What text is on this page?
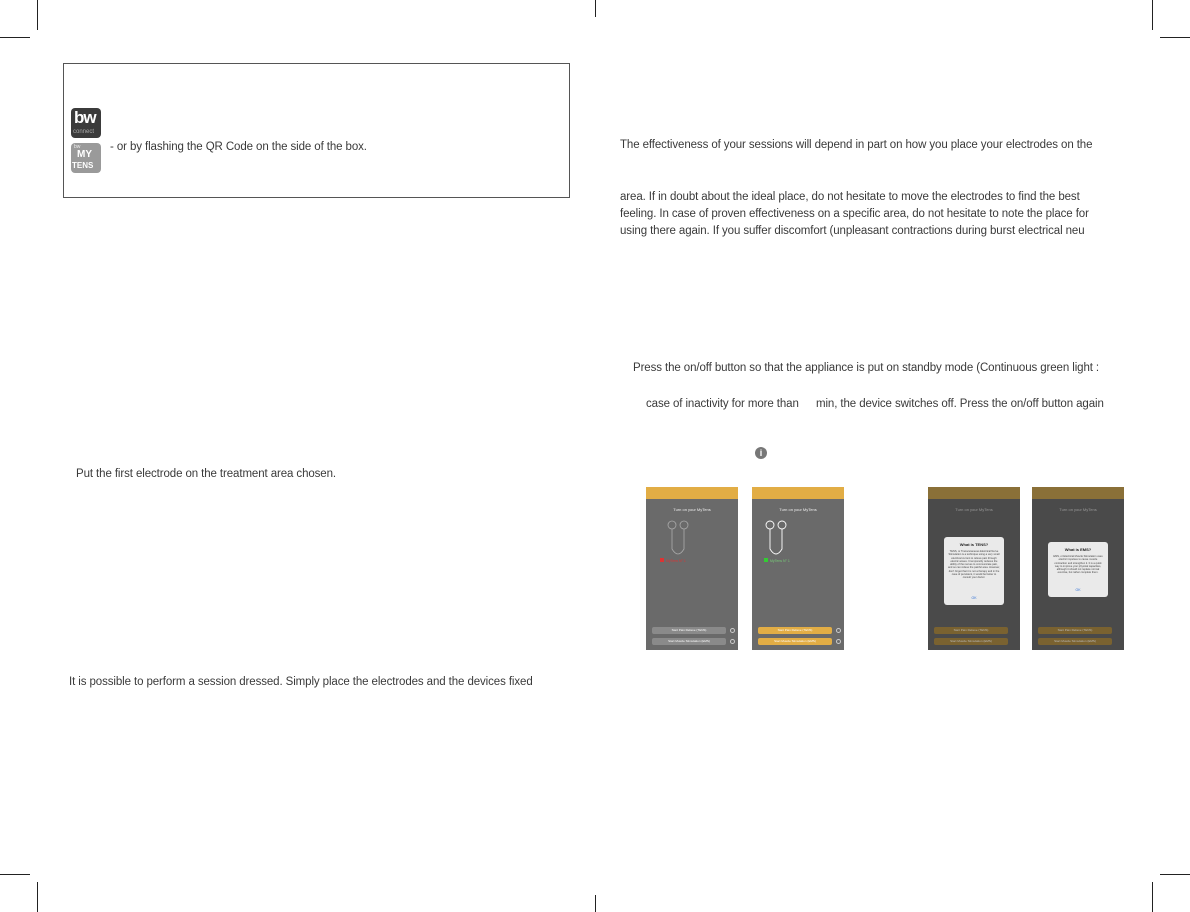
bw
connect
bw
MY
TENS
- or by flashing the QR Code on the side of the box.
Put the first electrode on the treatment area chosen.
It is possible to perform a session dressed. Simply place the electrodes and the devices fixed
The effectiveness of your sessions will depend in part on how you place your electrodes on the
area. If in doubt about the ideal place, do not hesitate to move the electrodes to find the best
feeling. In case of proven effectiveness on a specific area, do not hesitate to note the place for
using there again. If you suffer discomfort (unpleasant contractions during burst electrical neu
Press the on/off button so that the appliance is put on standby mode (Continuous green light :
case of inactivity for more than min, the device switches off. Press the on/off button again
i
Turn on your MyTens
MyTens N° 1
Start Pain Relieve (TENS)
Start Muscle Stimulation (EMS)
Turn on your MyTens
MyTens N° 1
Start Pain Relieve (TENS)
Start Muscle Stimulation (EMS)
Turn on your MyTens
What is TENS?
TENS, or Transcutaneous Electrical Nerve Stimulation is a technique using a very small electrical current to relieve pain through electric waves. It temporarily reduces the ability of the nerves to communicate pain, and so can relieve the painful area. However, don't forget that it is not a therapy and in the case of persistent, it would be better to consult your doctor.
OK
Start Pain Relieve (TENS)
Start Muscle Stimulation (EMS)
Turn on your MyTens
What is EMS?
EMS, or Electrical Muscle Stimulation uses electric impulses to cause muscle contraction and strengthen it. It is a quick way to improve your physical capacities, although it should not replace normal exercise, but rather complete them.
OK
Start Pain Relieve (TENS)
Start Muscle Stimulation (EMS)
